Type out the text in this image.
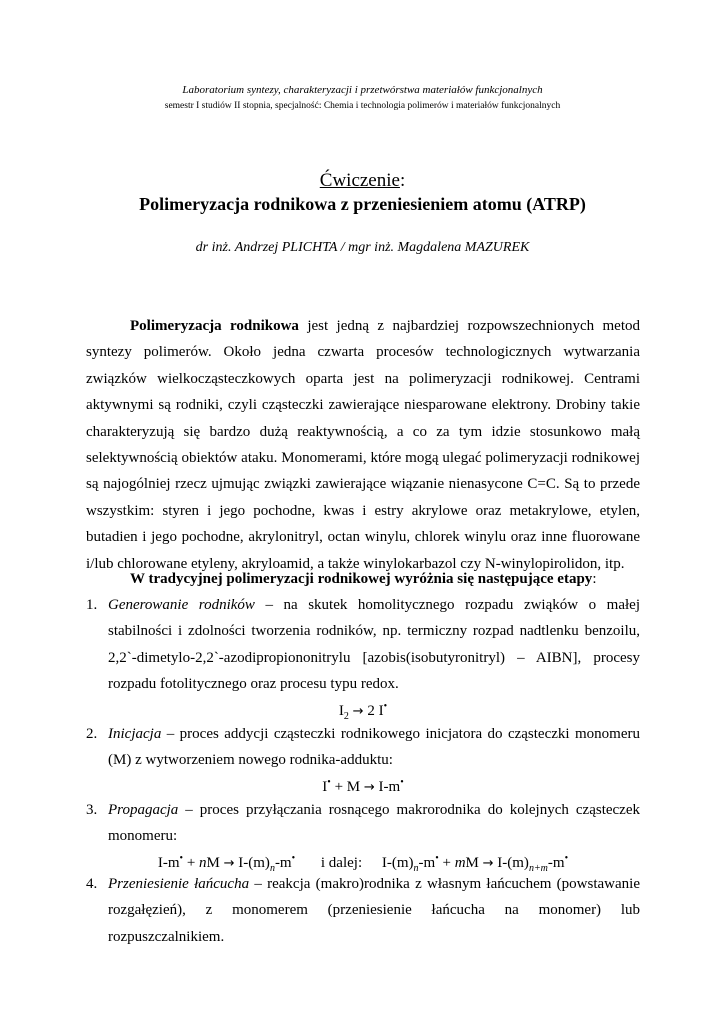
Laboratorium syntezy, charakteryzacji i przetwórstwa materiałów funkcjonalnych
semestr I studiów II stopnia, specjalność: Chemia i technologia polimerów i materiałów funkcjonalnych
Ćwiczenie:
Polimeryzacja rodnikowa z przeniesieniem atomu (ATRP)
dr inż. Andrzej PLICHTA / mgr inż. Magdalena MAZUREK

Polimeryzacja rodnikowa jest jedną z najbardziej rozpowszechnionych metod syntezy polimerów. Około jedna czwarta procesów technologicznych wytwarzania związków wielkocząsteczkowych oparta jest na polimeryzacji rodnikowej. Centrami aktywnymi są rodniki, czyli cząsteczki zawierające niesparowane elektrony. Drobiny takie charakteryzują się bardzo dużą reaktywnością, a co za tym idzie stosunkowo małą selektywnością obiektów ataku. Monomerami, które mogą ulegać polimeryzacji rodnikowej są najogólniej rzecz ujmując związki zawierające wiązanie nienasycone C=C. Są to przede wszystkim: styren i jego pochodne, kwas i estry akrylowe oraz metakrylowe, etylen, butadien i jego pochodne, akrylonitryl, octan winylu, chlorek winylu oraz inne fluorowane i/lub chlorowane etyleny, akryloamid, a także winylokarbazol czy N-winylopirolidon, itp.

W tradycyjnej polimeryzacji rodnikowej wyróżnia się następujące etapy:

1. Generowanie rodników – na skutek homolitycznego rozpadu zwiąków o małej stabilności i zdolności tworzenia rodników, np. termiczny rozpad nadtlenku benzoilu, 2,2`-dimetylo-2,2`-azodipropiononitrylu [azobis(isobutyronitryl) – AIBN], procesy rozpadu fotolitycznego oraz procesu typu redox.
$I_2 \to 2$ I•
2. Inicjacja – proces addycji cząsteczki rodnikowego inicjatora do cząsteczki monomeru (M) z wytworzeniem nowego rodnika-adduktu:
I• + M → I-m•
3. Propagacja – proces przyłączania rosnącego makrorodnika do kolejnych cząsteczek monomeru:
I-m• + nM → $I-(m)_n-m^•$ i dalej: $I-(m)_n-m^•$ + mM → $I-(m)_{n+m}-m^•$
4. Przeniesienie łańcucha – reakcja (makro)rodnika z własnym łańcuchem (powstawanie rozgałęzień), z monomerem (przeniesienie łańcucha na monomer) lub rozpuszczalnikiem.
